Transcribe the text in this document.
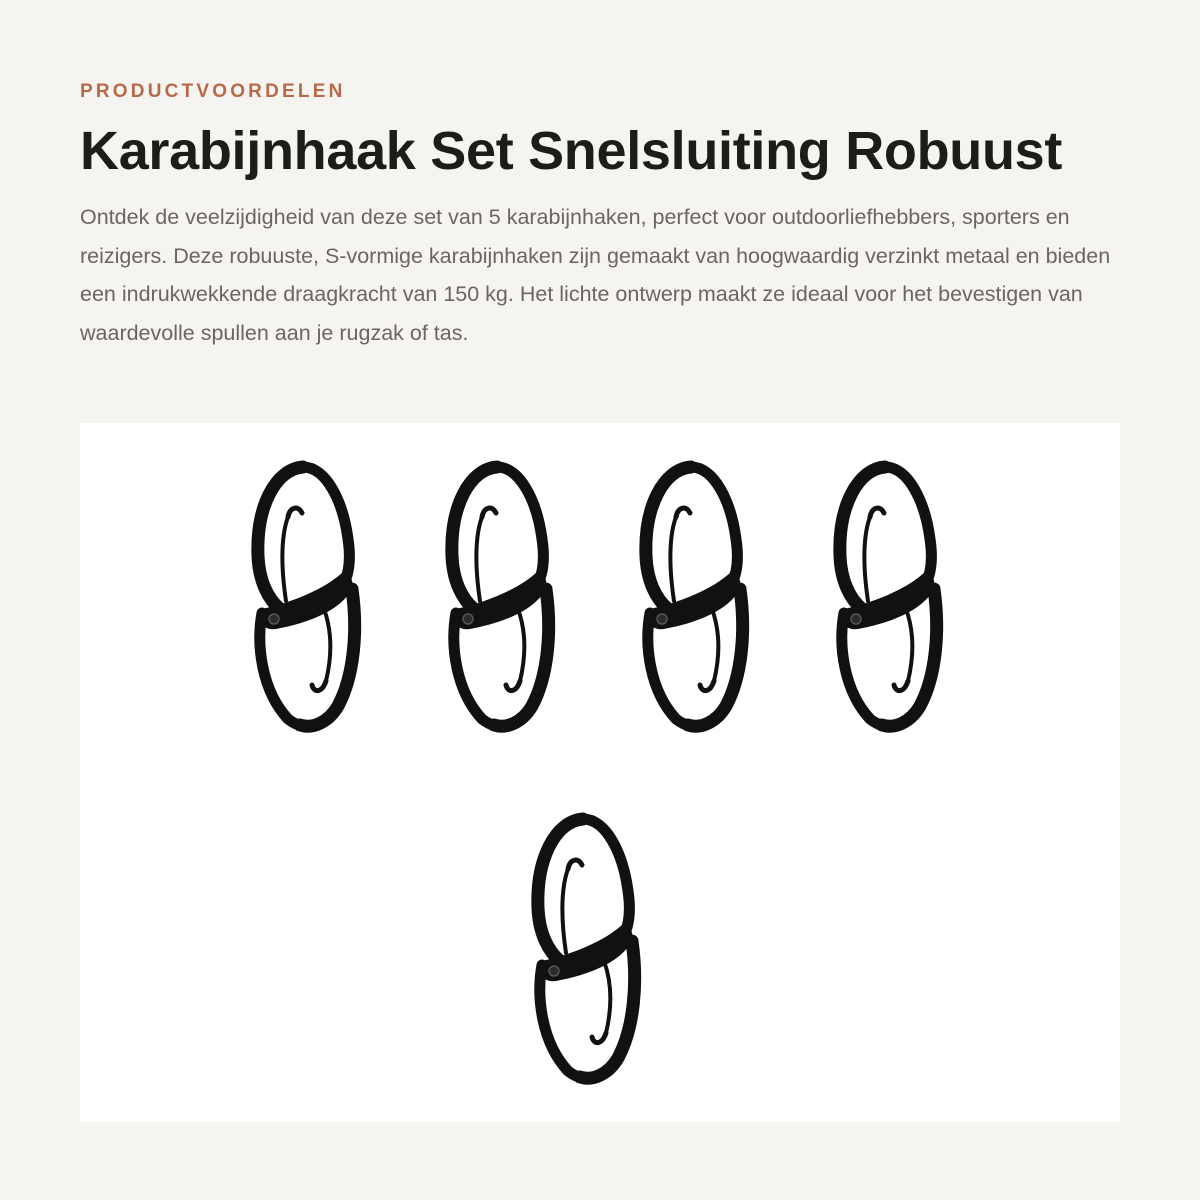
PRODUCTVOORDELEN
Karabijnhaak Set Snelsluiting Robuust

Ontdek de veelzijdigheid van deze set van 5 karabijnhaken, perfect voor outdoorliefhebbers, sporters en reizigers. Deze robuuste, S-vormige karabijnhaken zijn gemaakt van hoogwaardig verzinkt metaal en bieden een indrukwekkende draagkracht van 150 kg. Het lichte ontwerp maakt ze ideaal voor het bevestigen van waardevolle spullen aan je rugzak of tas.
